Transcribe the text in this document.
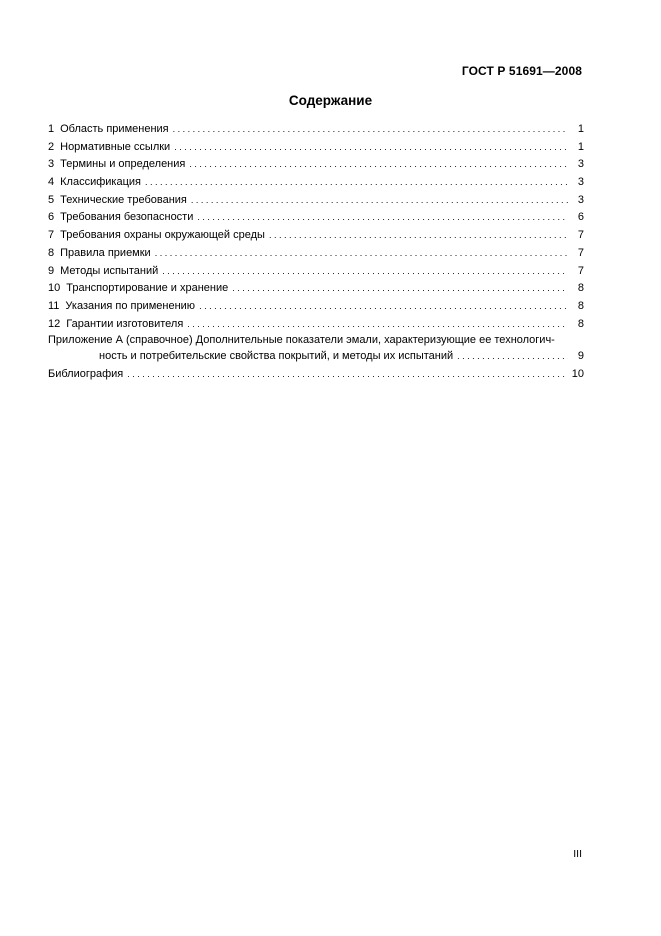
ГОСТ Р 51691—2008
Содержание
1 Область применения . . .	1
2 Нормативные ссылки . . .	1
3 Термины и определения . . .	3
4 Классификация . . .	3
5 Технические требования . . .	3
6 Требования безопасности . . .	6
7 Требования охраны окружающей среды . . .	7
8 Правила приемки . . .	7
9 Методы испытаний . . .	7
10 Транспортирование и хранение . . .	8
11 Указания по применению . . .	8
12 Гарантии изготовителя . . .	8
Приложение А (справочное) Дополнительные показатели эмали, характеризующие ее технологич-
ность и потребительские свойства покрытий, и методы их испытаний . . .	9
Библиография . . .	10
III
